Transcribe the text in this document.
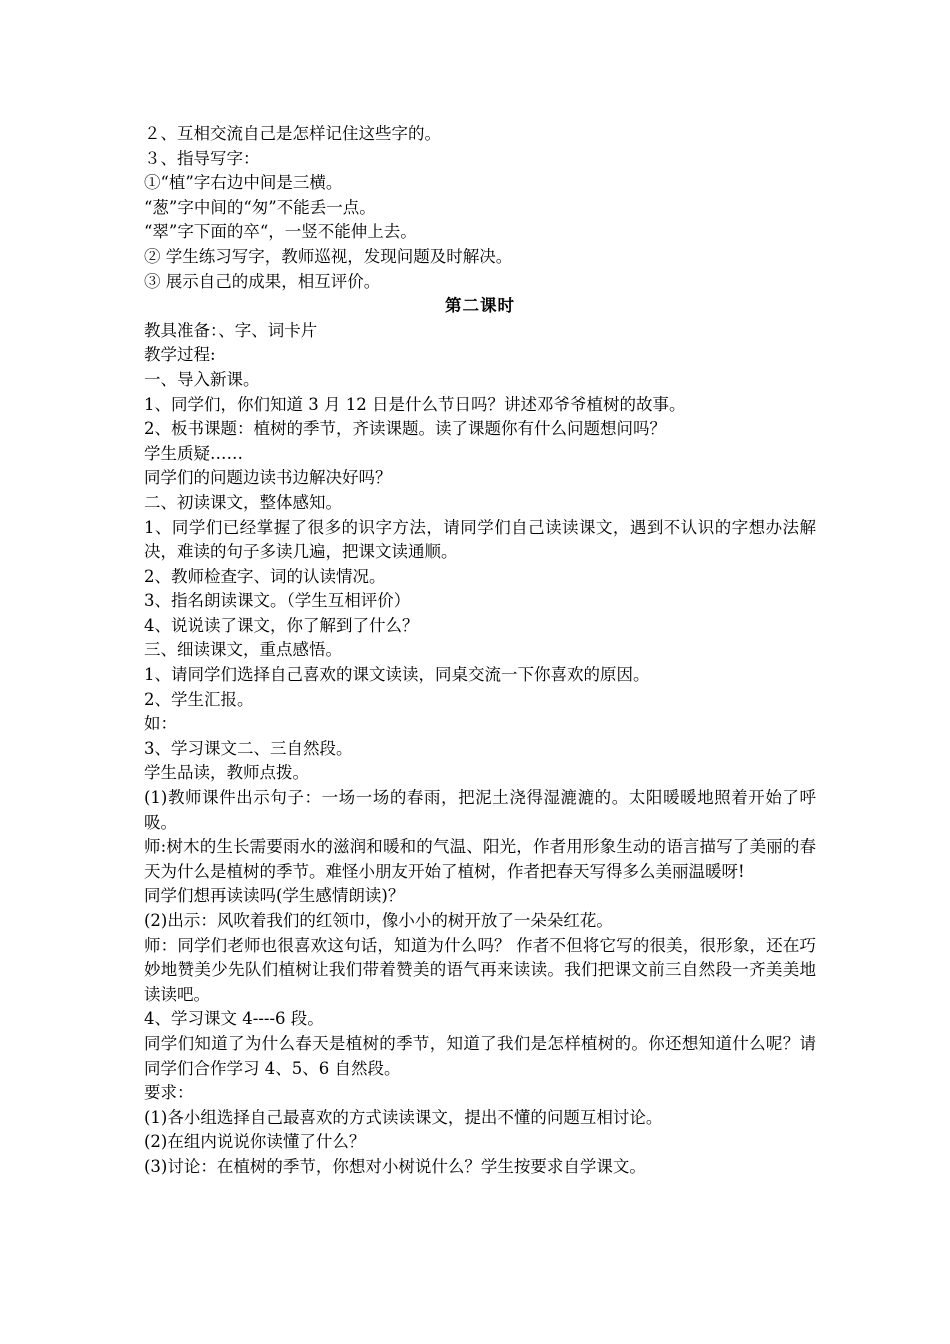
２、互相交流自己是怎样记住这些字的。

３、指导写字：

①“植”字右边中间是三横。

“葱”字中间的“匆”不能丢一点。

“翠”字下面的卒“，一竖不能伸上去。

② 学生练习写字，教师巡视，发现问题及时解决。

③ 展示自己的成果，相互评价。

第二课时

教具准备：、字、词卡片

教学过程:

一、导入新课。

1、同学们，你们知道 3 月 12 日是什么节日吗？讲述邓爷爷植树的故事。

2、板书课题：植树的季节，齐读课题。读了课题你有什么问题想问吗？

学生质疑……

同学们的问题边读书边解决好吗？

二、初读课文，整体感知。

1、同学们已经掌握了很多的识字方法，请同学们自己读读课文，遇到不认识的字想办法解决，难读的句子多读几遍，把课文读通顺。

2、教师检查字、词的认读情况。

3、指名朗读课文。（学生互相评价）

4、说说读了课文，你了解到了什么？

三、细读课文，重点感悟。

1、请同学们选择自己喜欢的课文读读，同桌交流一下你喜欢的原因。

2、学生汇报。

如：

3、学习课文二、三自然段。

学生品读，教师点拨。

(1)教师课件出示句子：一场一场的春雨，把泥土浇得湿漉漉的。太阳暖暖地照着开始了呼吸。

师:树木的生长需要雨水的滋润和暖和的气温、阳光，作者用形象生动的语言描写了美丽的春天为什么是植树的季节。难怪小朋友开始了植树，作者把春天写得多么美丽温暖呀!

同学们想再读读吗(学生感情朗读)？

(2)出示：风吹着我们的红领巾，像小小的树开放了一朵朵红花。

师：同学们老师也很喜欢这句话，知道为什么吗？ 作者不但将它写的很美，很形象，还在巧妙地赞美少先队们植树让我们带着赞美的语气再来读读。我们把课文前三自然段一齐美美地读读吧。

4、学习课文 4----6 段。

同学们知道了为什么春天是植树的季节，知道了我们是怎样植树的。你还想知道什么呢？请同学们合作学习 4、5、6 自然段。

要求：

(1)各小组选择自己最喜欢的方式读读课文，提出不懂的问题互相讨论。

(2)在组内说说你读懂了什么？

(3)讨论：在植树的季节，你想对小树说什么？学生按要求自学课文。
